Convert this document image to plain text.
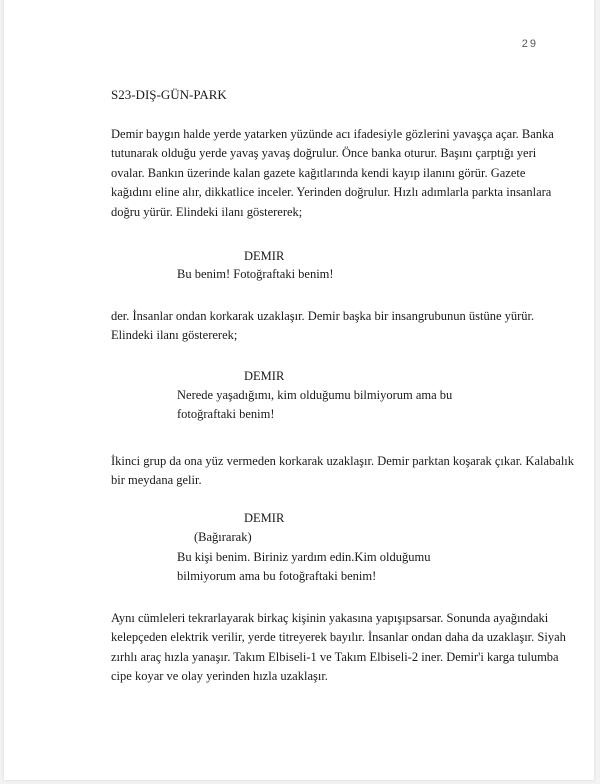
29
S23-DIŞ-GÜN-PARK

Demir baygın halde yerde yatarken yüzünde acı ifadesiyle gözlerini yavaşça açar. Banka
tutunarak olduğu yerde yavaş yavaş doğrulur. Önce banka oturur. Başını çarptığı yeri
ovalar. Bankın üzerinde kalan gazete kağıtlarında kendi kayıp ilanını görür. Gazete
kağıdını eline alır, dikkatlice inceler. Yerinden doğrulur. Hızlı adımlarla parkta insanlara
doğru yürür. Elindeki ilanı göstererek;

DEMIR

Bu benim! Fotoğraftaki benim!

der. İnsanlar ondan korkarak uzaklaşır. Demir başka bir insangrubunun üstüne yürür.
Elindeki ilanı göstererek;

DEMIR

Nerede yaşadığımı, kim olduğumu bilmiyorum ama bu
fotoğraftaki benim!

İkinci grup da ona yüz vermeden korkarak uzaklaşır. Demir parktan koşarak çıkar. Kalabalık
bir meydana gelir.

DEMIR
(Bağırarak)

Bu kişi benim. Biriniz yardım edin.Kim olduğumu
bilmiyorum ama bu fotoğraftaki benim!

Aynı cümleleri tekrarlayarak birkaç kişinin yakasına yapışıpsarsar. Sonunda ayağındaki
kelepçeden elektrik verilir, yerde titreyerek bayılır. İnsanlar ondan daha da uzaklaşır. Siyah
zırhlı araç hızla yanaşır. Takım Elbiseli-1 ve Takım Elbiseli-2 iner. Demir'i karga tulumba
cipe koyar ve olay yerinden hızla uzaklaşır.
